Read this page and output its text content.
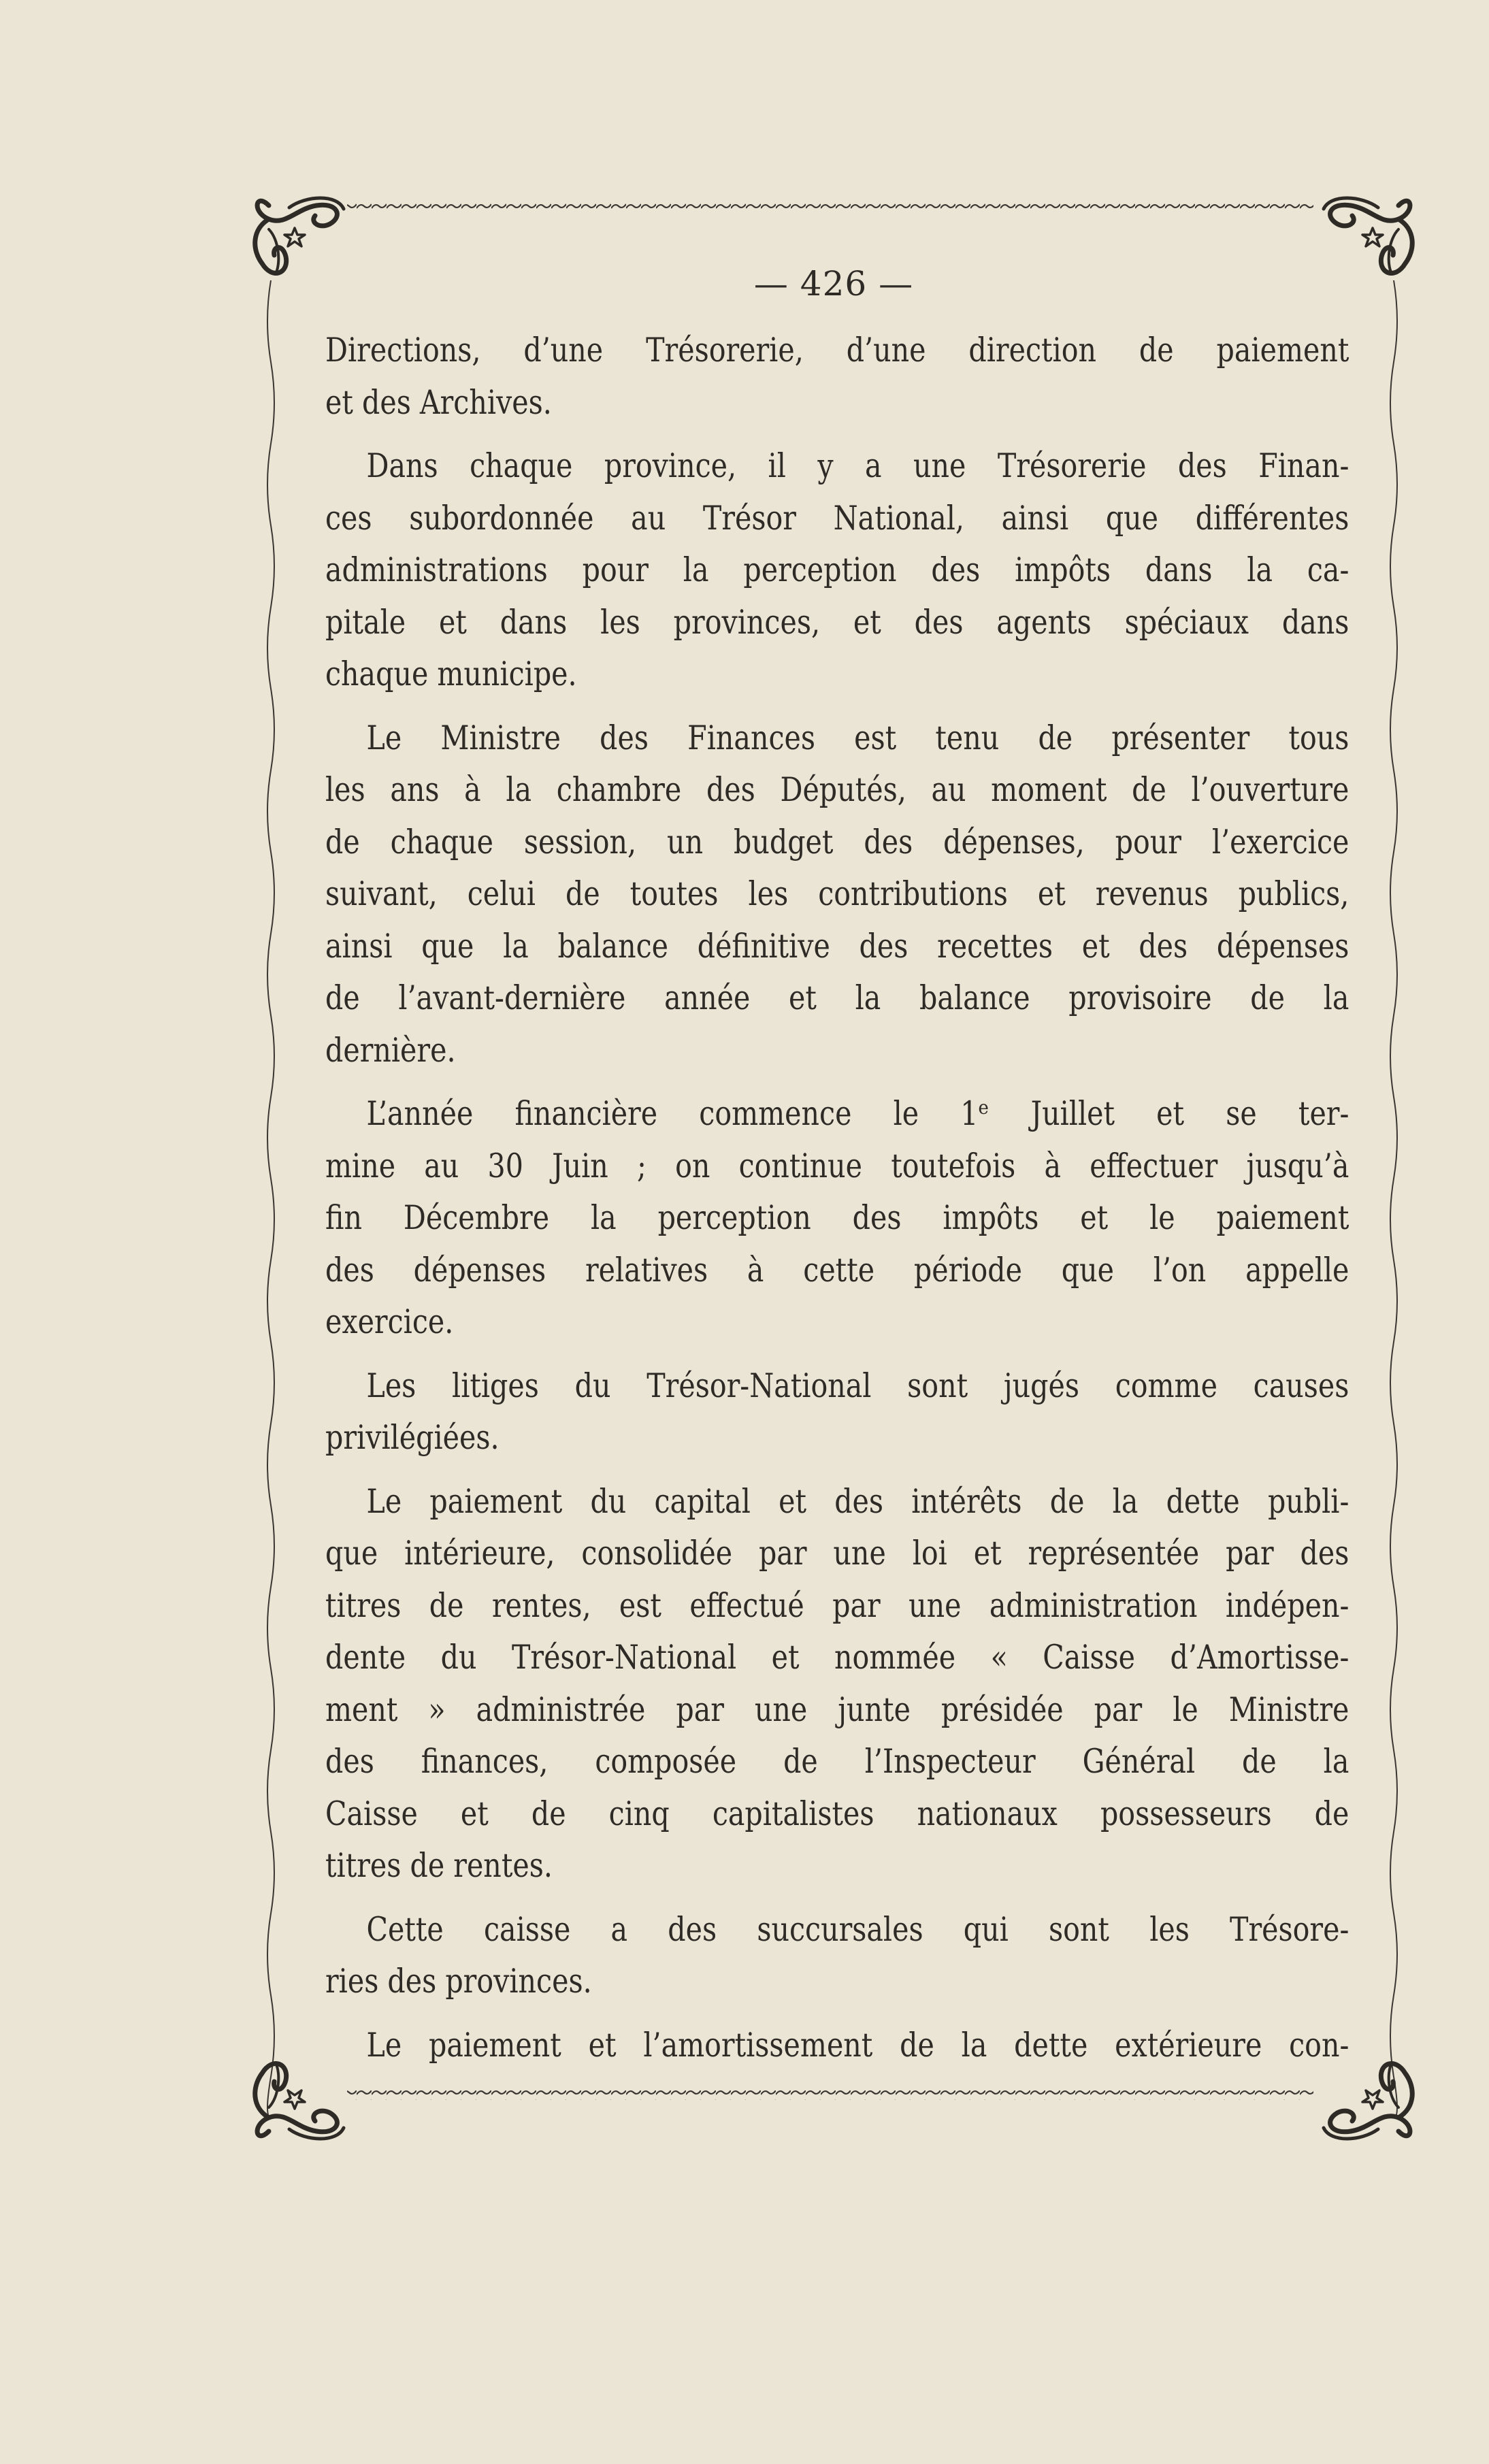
— 426 —

Directions, d’une Trésorerie, d’une direction de paiement
et des Archives.

Dans chaque province, il y a une Trésorerie des Finan-
ces subordonnée au Trésor National, ainsi que différentes
administrations pour la perception des impôts dans la ca-
pitale et dans les provinces, et des agents spéciaux dans
chaque municipe.

Le Ministre des Finances est tenu de présenter tous
les ans à la chambre des Députés, au moment de l’ouverture
de chaque session, un budget des dépenses, pour l’exercice
suivant, celui de toutes les contributions et revenus publics,
ainsi que la balance définitive des recettes et des dépenses
de l’avant-dernière année et la balance provisoire de la
dernière.

L’année financière commence le 1ᵉ Juillet et se ter-
mine au 30 Juin ; on continue toutefois à effectuer jusqu’à
fin Décembre la perception des impôts et le paiement
des dépenses relatives à cette période que l’on appelle
exercice.

Les litiges du Trésor-National sont jugés comme causes
privilégiées.

Le paiement du capital et des intérêts de la dette publi-
que intérieure, consolidée par une loi et représentée par des
titres de rentes, est effectué par une administration indépen-
dente du Trésor-National et nommée « Caisse d’Amortisse-
ment » administrée par une junte présidée par le Ministre
des finances, composée de l’Inspecteur Général de la
Caisse et de cinq capitalistes nationaux possesseurs de
titres de rentes.

Cette caisse a des succursales qui sont les Trésore-
ries des provinces.

Le paiement et l’amortissement de la dette extérieure con-
